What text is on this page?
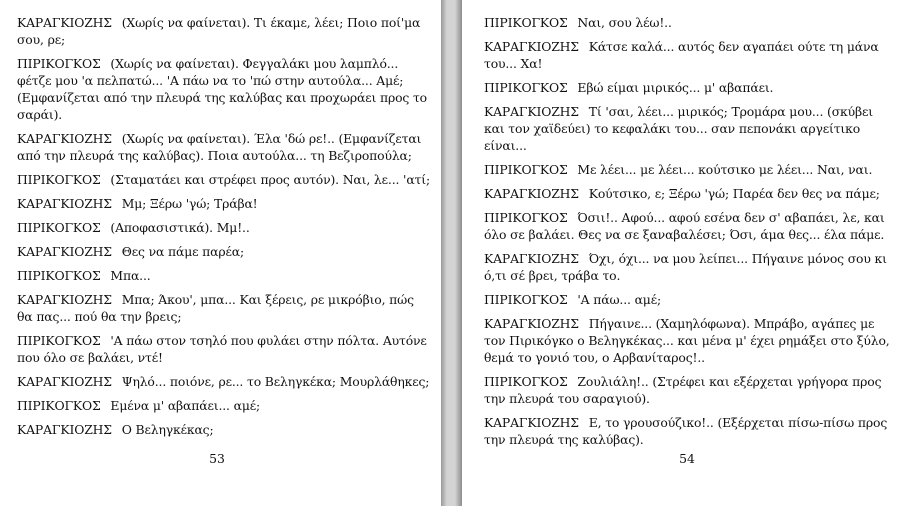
ΚΑΡΑΓΚΙΟΖΗΣ (Χωρίς να φαίνεται). Τι έκαμε, λέει; Ποιο ποί'μα σου, ρε;

ΠΙΡΙΚΟΓΚΟΣ (Χωρίς να φαίνεται). Φεγγαλάκι μου λαμπλό... φέτζε μου 'α πελπατώ... 'Α πάω να το 'πώ στην αυτούλα... Αμέ; (Εμφανίζεται από την πλευρά της καλύβας και προχωράει προς το σαράι).

ΚΑΡΑΓΚΙΟΖΗΣ (Χωρίς να φαίνεται). Έλα 'δώ ρε!.. (Εμφανίζεται από την πλευρά της καλύβας). Ποια αυτούλα... τη Βεζιροπούλα;

ΠΙΡΙΚΟΓΚΟΣ (Σταματάει και στρέφει προς αυτόν). Ναι, λε... 'ατί;

ΚΑΡΑΓΚΙΟΖΗΣ Μμ; Ξέρω 'γώ; Τράβα!

ΠΙΡΙΚΟΓΚΟΣ (Αποφασιστικά). Μμ!..

ΚΑΡΑΓΚΙΟΖΗΣ Θες να πάμε παρέα;

ΠΙΡΙΚΟΓΚΟΣ Μπα...

ΚΑΡΑΓΚΙΟΖΗΣ Μπα; Άκου', μπα... Και ξέρεις, ρε μικρόβιο, πώς θα πας... πού θα την βρεις;

ΠΙΡΙΚΟΓΚΟΣ 'Α πάω στον τσηλό που φυλάει στην πόλτα. Αυτόνε που όλο σε βαλάει, ντέ!

ΚΑΡΑΓΚΙΟΖΗΣ Ψηλό... ποιόνε, ρε... το Βεληγκέκα; Μουρλάθηκες;

ΠΙΡΙΚΟΓΚΟΣ Εμένα μ' αβαπάει... αμέ;

ΚΑΡΑΓΚΙΟΖΗΣ Ο Βεληγκέκας;

53

ΠΙΡΙΚΟΓΚΟΣ Ναι, σου λέω!..

ΚΑΡΑΓΚΙΟΖΗΣ Κάτσε καλά... αυτός δεν αγαπάει ούτε τη μάνα του... Χα!

ΠΙΡΙΚΟΓΚΟΣ Εβώ είμαι μιρικός... μ' αβαπάει.

ΚΑΡΑΓΚΙΟΖΗΣ Τί 'σαι, λέει... μιρικός; Τρομάρα μου... (σκύβει και τον χαϊδεύει) το κεφαλάκι του... σαν πεπονάκι αργείτικο είναι...

ΠΙΡΙΚΟΓΚΟΣ Με λέει... με λέει... κούτσικο με λέει... Ναι, ναι.

ΚΑΡΑΓΚΙΟΖΗΣ Κούτσικο, ε; Ξέρω 'γώ; Παρέα δεν θες να πάμε;

ΠΙΡΙΚΟΓΚΟΣ Όσιι!.. Αφού... αφού εσένα δεν σ' αβαπάει, λε, και όλο σε βαλάει. Θες να σε ξαναβαλέσει; Όσι, άμα θες... έλα πάμε.

ΚΑΡΑΓΚΙΟΖΗΣ Όχι, όχι... να μου λείπει... Πήγαινε μόνος σου κι ό,τι σέ βρει, τράβα το.

ΠΙΡΙΚΟΓΚΟΣ 'Α πάω... αμέ;

ΚΑΡΑΓΚΙΟΖΗΣ Πήγαινε... (Χαμηλόφωνα). Μπράβο, αγάπες με τον Πιρικόγκο ο Βεληγκέκας... και μένα μ' έχει ρημάξει στο ξύλο, θεμά το γονιό του, ο Αρβανίταρος!..

ΠΙΡΙΚΟΓΚΟΣ Ζουλιάλη!.. (Στρέφει και εξέρχεται γρήγορα προς την πλευρά του σαραγιού).

ΚΑΡΑΓΚΙΟΖΗΣ Ε, το γρουσούζικο!.. (Εξέρχεται πίσω-πίσω προς την πλευρά της καλύβας).

54
